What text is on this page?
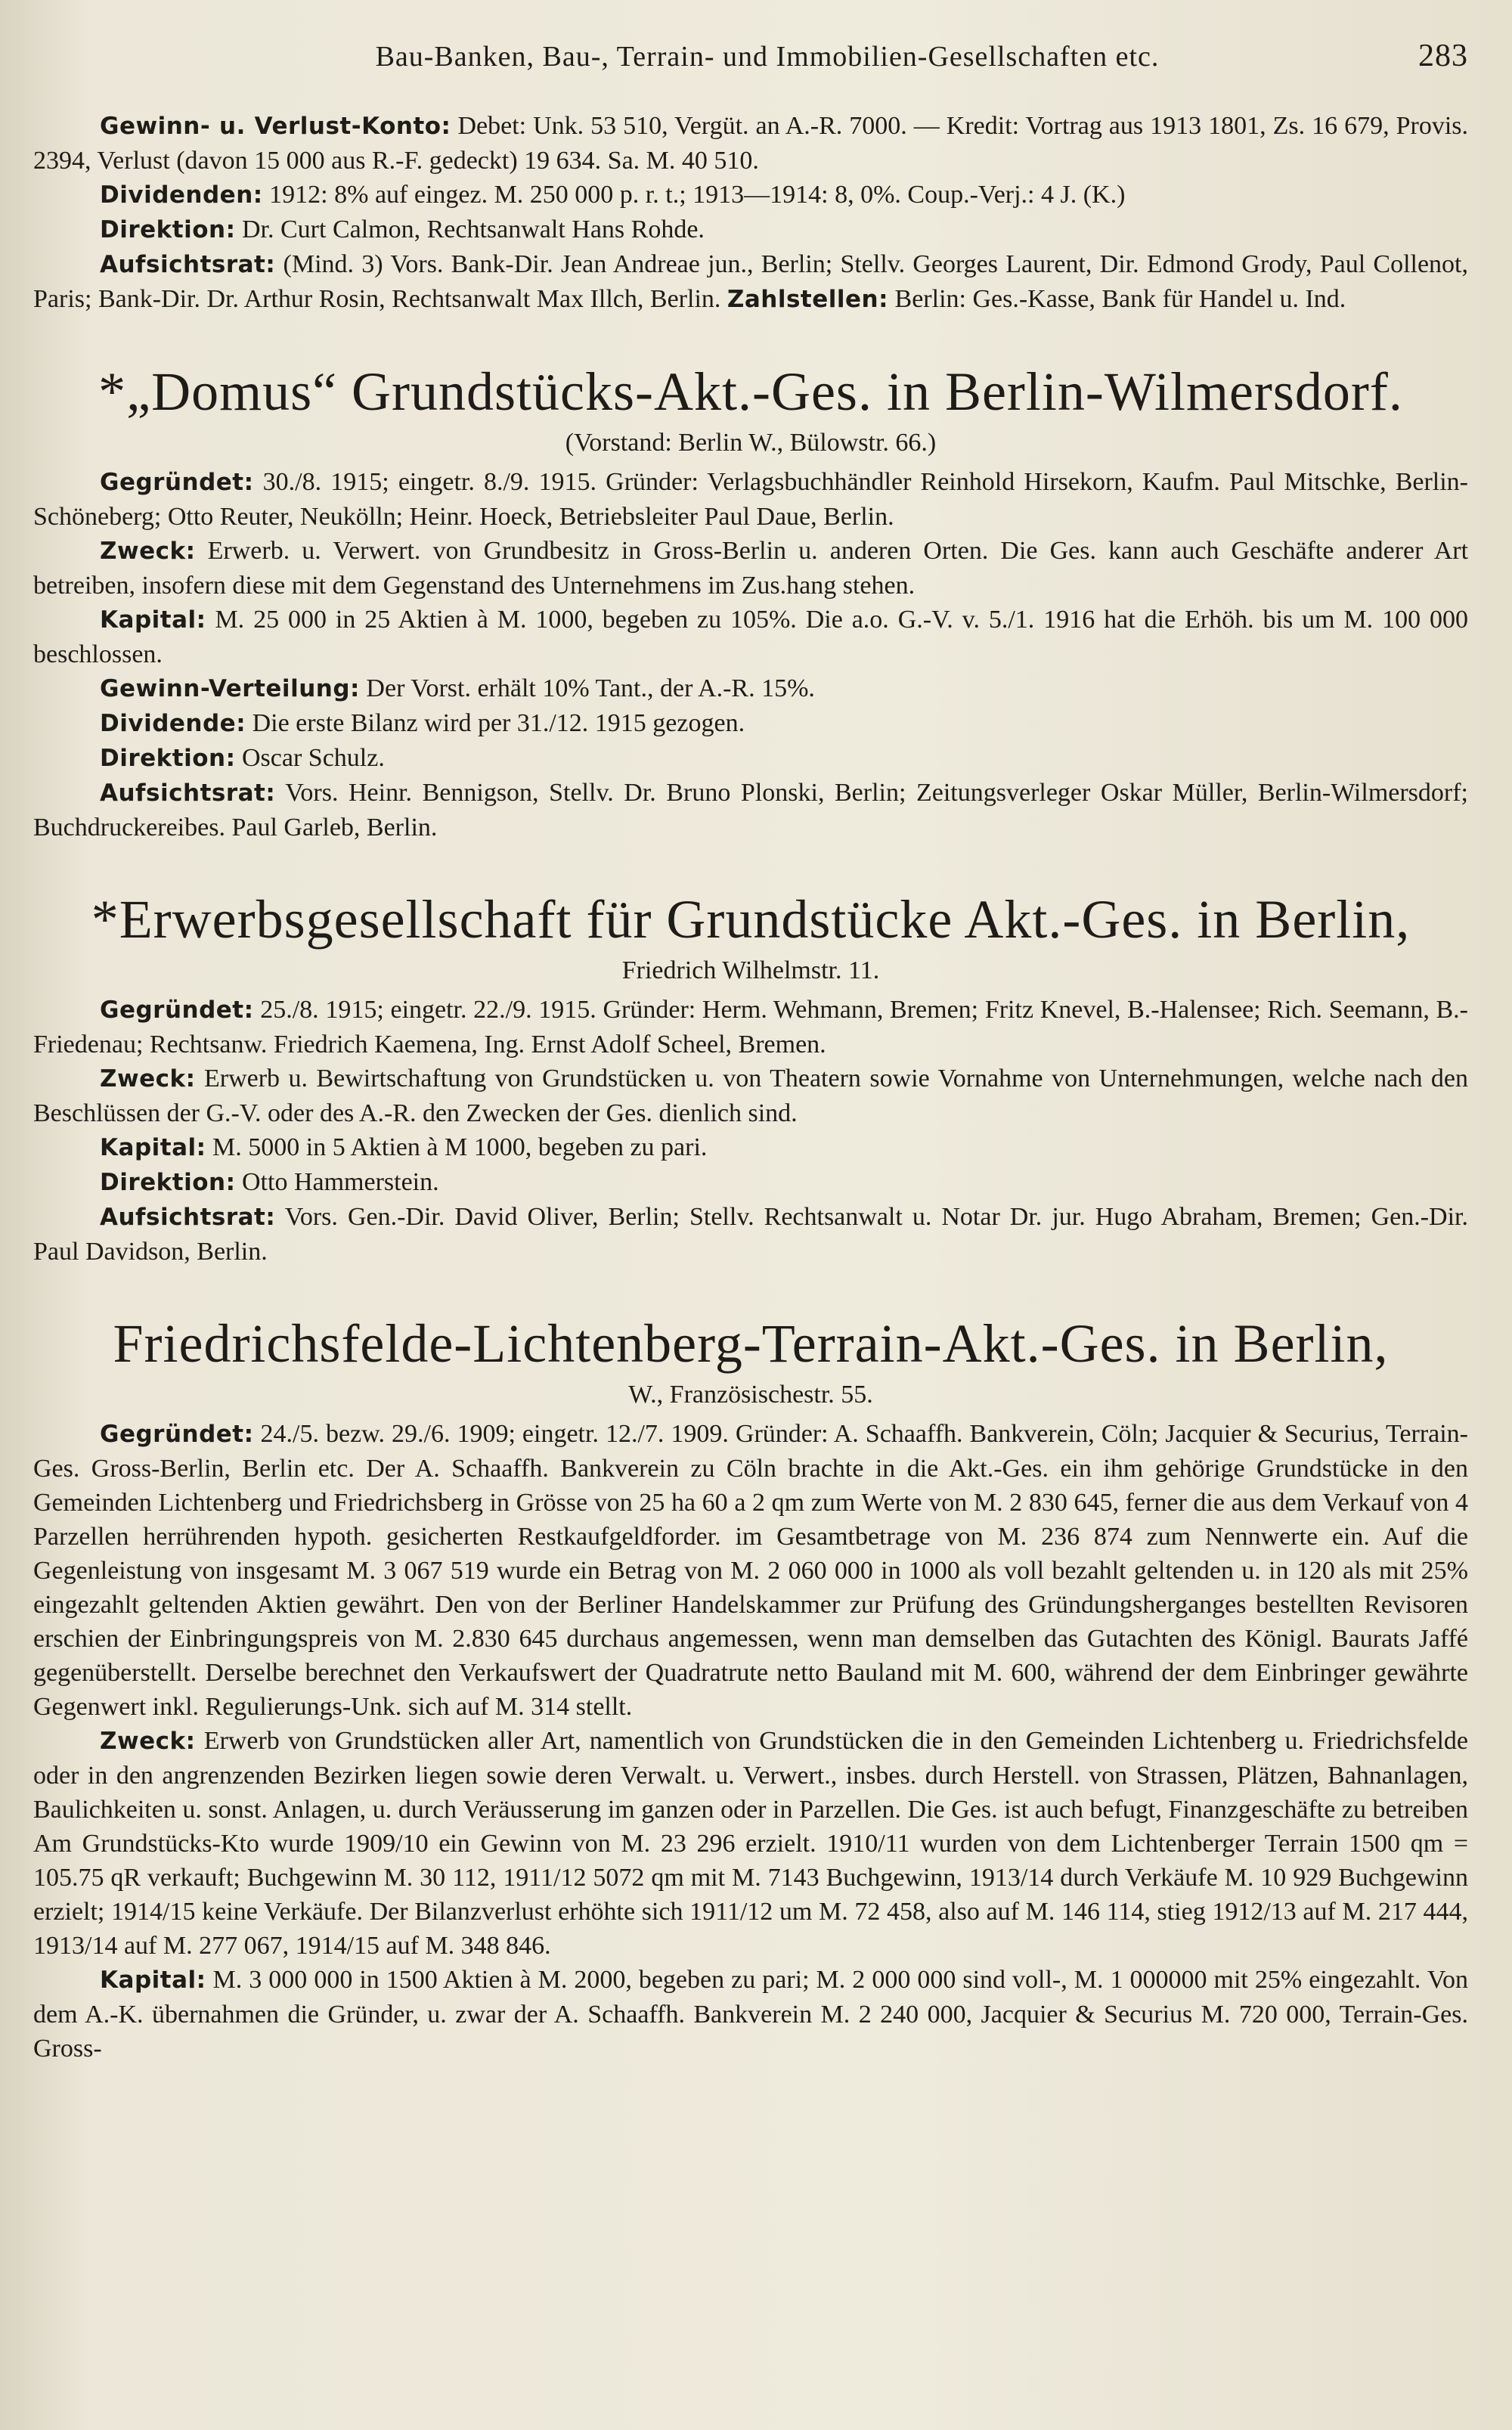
Bau-Banken, Bau-, Terrain- und Immobilien-Gesellschaften etc.	283

Gewinn- u. Verlust-Konto: Debet: Unk. 53 510, Vergüt. an A.-R. 7000. — Kredit: Vortrag aus 1913 1801, Zs. 16 679, Provis. 2394, Verlust (davon 15 000 aus R.-F. gedeckt) 19 634. Sa. M. 40 510.

Dividenden: 1912: 8% auf eingez. M. 250 000 p. r. t.; 1913—1914: 8, 0%. Coup.-Verj.: 4 J. (K.)

Direktion: Dr. Curt Calmon, Rechtsanwalt Hans Rohde.

Aufsichtsrat: (Mind. 3) Vors. Bank-Dir. Jean Andreae jun., Berlin; Stellv. Georges Laurent, Dir. Edmond Grody, Paul Collenot, Paris; Bank-Dir. Dr. Arthur Rosin, Rechtsanwalt Max Illch, Berlin. Zahlstellen: Berlin: Ges.-Kasse, Bank für Handel u. Ind.

*„Domus“ Grundstücks-Akt.-Ges. in Berlin-Wilmersdorf.
(Vorstand: Berlin W., Bülowstr. 66.)

Gegründet: 30./8. 1915; eingetr. 8./9. 1915. Gründer: Verlagsbuchhändler Reinhold Hirsekorn, Kaufm. Paul Mitschke, Berlin-Schöneberg; Otto Reuter, Neukölln; Heinr. Hoeck, Betriebsleiter Paul Daue, Berlin.

Zweck: Erwerb. u. Verwert. von Grundbesitz in Gross-Berlin u. anderen Orten. Die Ges. kann auch Geschäfte anderer Art betreiben, insofern diese mit dem Gegenstand des Unternehmens im Zus.hang stehen.

Kapital: M. 25 000 in 25 Aktien à M. 1000, begeben zu 105%. Die a.o. G.-V. v. 5./1. 1916 hat die Erhöh. bis um M. 100 000 beschlossen.

Gewinn-Verteilung: Der Vorst. erhält 10% Tant., der A.-R. 15%.

Dividende: Die erste Bilanz wird per 31./12. 1915 gezogen.

Direktion: Oscar Schulz.

Aufsichtsrat: Vors. Heinr. Bennigson, Stellv. Dr. Bruno Plonski, Berlin; Zeitungsverleger Oskar Müller, Berlin-Wilmersdorf; Buchdruckereibes. Paul Garleb, Berlin.

*Erwerbsgesellschaft für Grundstücke Akt.-Ges. in Berlin,
Friedrich Wilhelmstr. 11.

Gegründet: 25./8. 1915; eingetr. 22./9. 1915. Gründer: Herm. Wehmann, Bremen; Fritz Knevel, B.-Halensee; Rich. Seemann, B.-Friedenau; Rechtsanw. Friedrich Kaemena, Ing. Ernst Adolf Scheel, Bremen.

Zweck: Erwerb u. Bewirtschaftung von Grundstücken u. von Theatern sowie Vornahme von Unternehmungen, welche nach den Beschlüssen der G.-V. oder des A.-R. den Zwecken der Ges. dienlich sind.

Kapital: M. 5000 in 5 Aktien à M 1000, begeben zu pari.

Direktion: Otto Hammerstein.

Aufsichtsrat: Vors. Gen.-Dir. David Oliver, Berlin; Stellv. Rechtsanwalt u. Notar Dr. jur. Hugo Abraham, Bremen; Gen.-Dir. Paul Davidson, Berlin.

Friedrichsfelde-Lichtenberg-Terrain-Akt.-Ges. in Berlin,
W., Französischestr. 55.

Gegründet: 24./5. bezw. 29./6. 1909; eingetr. 12./7. 1909. Gründer: A. Schaaffh. Bankverein, Cöln; Jacquier & Securius, Terrain-Ges. Gross-Berlin, Berlin etc. Der A. Schaaffh. Bankverein zu Cöln brachte in die Akt.-Ges. ein ihm gehörige Grundstücke in den Gemeinden Lichtenberg und Friedrichsberg in Grösse von 25 ha 60 a 2 qm zum Werte von M. 2 830 645, ferner die aus dem Verkauf von 4 Parzellen herrührenden hypoth. gesicherten Restkaufgeldforder. im Gesamtbetrage von M. 236 874 zum Nennwerte ein. Auf die Gegenleistung von insgesamt M. 3 067 519 wurde ein Betrag von M. 2 060 000 in 1000 als voll bezahlt geltenden u. in 120 als mit 25% eingezahlt geltenden Aktien gewährt. Den von der Berliner Handelskammer zur Prüfung des Gründungsherganges bestellten Revisoren erschien der Einbringungspreis von M. 2.830 645 durchaus angemessen, wenn man demselben das Gutachten des Königl. Baurats Jaffé gegenüberstellt. Derselbe berechnet den Verkaufswert der Quadratrute netto Bauland mit M. 600, während der dem Einbringer gewährte Gegenwert inkl. Regulierungs-Unk. sich auf M. 314 stellt.

Zweck: Erwerb von Grundstücken aller Art, namentlich von Grundstücken die in den Gemeinden Lichtenberg u. Friedrichsfelde oder in den angrenzenden Bezirken liegen sowie deren Verwalt. u. Verwert., insbes. durch Herstell. von Strassen, Plätzen, Bahnanlagen, Baulichkeiten u. sonst. Anlagen, u. durch Veräusserung im ganzen oder in Parzellen. Die Ges. ist auch befugt, Finanzgeschäfte zu betreiben Am Grundstücks-Kto wurde 1909/10 ein Gewinn von M. 23 296 erzielt. 1910/11 wurden von dem Lichtenberger Terrain 1500 qm = 105.75 qR verkauft; Buchgewinn M. 30 112, 1911/12 5072 qm mit M. 7143 Buchgewinn, 1913/14 durch Verkäufe M. 10 929 Buchgewinn erzielt; 1914/15 keine Verkäufe. Der Bilanzverlust erhöhte sich 1911/12 um M. 72 458, also auf M. 146 114, stieg 1912/13 auf M. 217 444, 1913/14 auf M. 277 067, 1914/15 auf M. 348 846.

Kapital: M. 3 000 000 in 1500 Aktien à M. 2000, begeben zu pari; M. 2 000 000 sind voll-, M. 1 000000 mit 25% eingezahlt. Von dem A.-K. übernahmen die Gründer, u. zwar der A. Schaaffh. Bankverein M. 2 240 000, Jacquier & Securius M. 720 000, Terrain-Ges. Gross-
